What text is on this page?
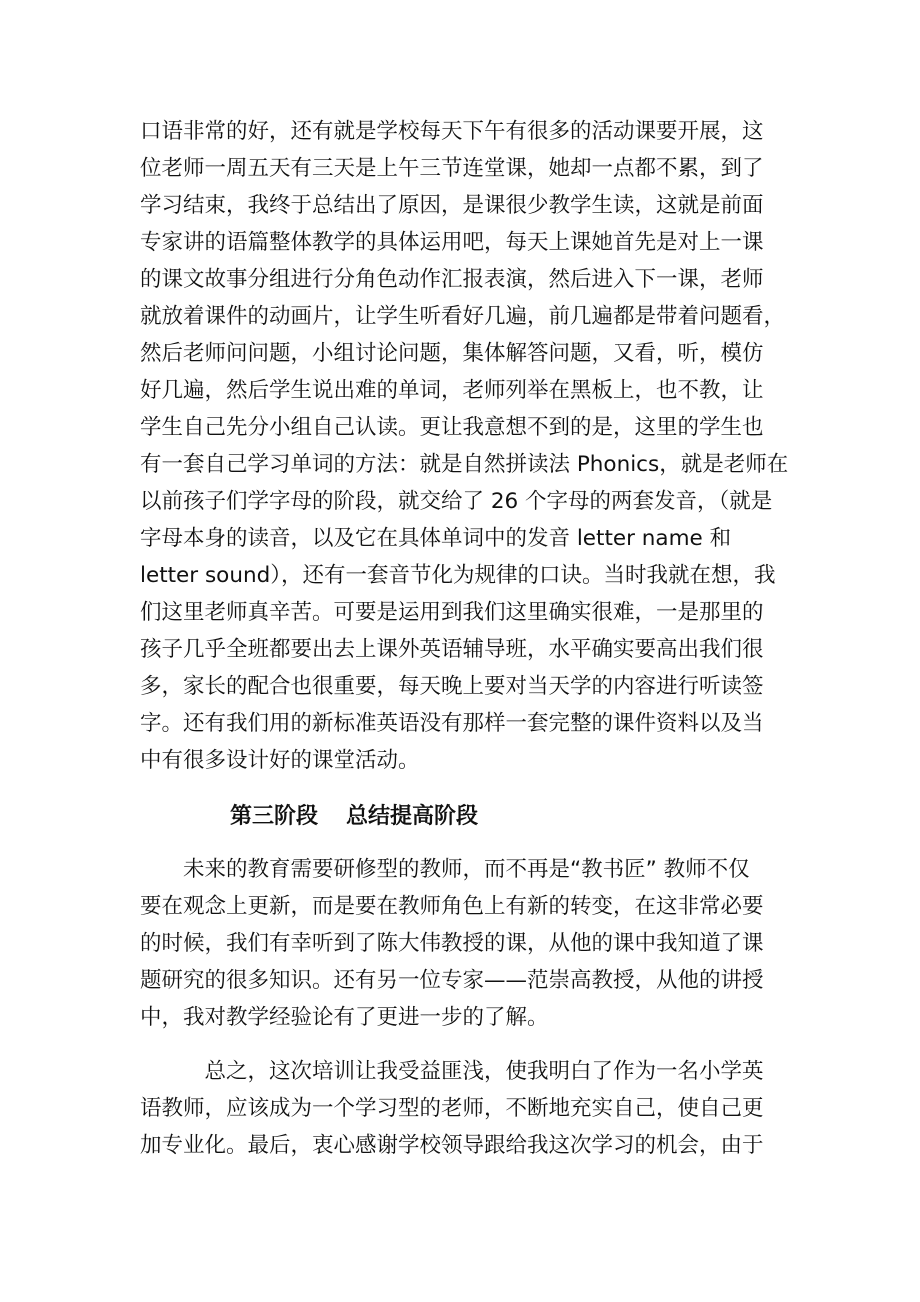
口语非常的好，还有就是学校每天下午有很多的活动课要开展，这
位老师一周五天有三天是上午三节连堂课，她却一点都不累，到了
学习结束，我终于总结出了原因，是课很少教学生读，这就是前面
专家讲的语篇整体教学的具体运用吧，每天上课她首先是对上一课
的课文故事分组进行分角色动作汇报表演，然后进入下一课，老师
就放着课件的动画片，让学生听看好几遍，前几遍都是带着问题看，
然后老师问问题，小组讨论问题，集体解答问题，又看，听，模仿
好几遍，然后学生说出难的单词，老师列举在黑板上，也不教，让
学生自己先分小组自己认读。更让我意想不到的是，这里的学生也
有一套自己学习单词的方法：就是自然拼读法 Phonics，就是老师在
以前孩子们学字母的阶段，就交给了 26 个字母的两套发音，（就是
字母本身的读音，以及它在具体单词中的发音 letter name 和
letter sound），还有一套音节化为规律的口诀。当时我就在想，我
们这里老师真辛苦。可要是运用到我们这里确实很难，一是那里的
孩子几乎全班都要出去上课外英语辅导班，水平确实要高出我们很
多，家长的配合也很重要，每天晚上要对当天学的内容进行听读签
字。还有我们用的新标准英语没有那样一套完整的课件资料以及当
中有很多设计好的课堂活动。
第三阶段 总结提高阶段
　　未来的教育需要研修型的教师，而不再是“教书匠” 教师不仅
要在观念上更新，而是要在教师角色上有新的转变，在这非常必要
的时候，我们有幸听到了陈大伟教授的课，从他的课中我知道了课
题研究的很多知识。还有另一位专家——范崇高教授，从他的讲授
中，我对教学经验论有了更进一步的了解。
　　　总之，这次培训让我受益匪浅，使我明白了作为一名小学英
语教师，应该成为一个学习型的老师，不断地充实自己，使自己更
加专业化。最后，衷心感谢学校领导跟给我这次学习的机会，由于
